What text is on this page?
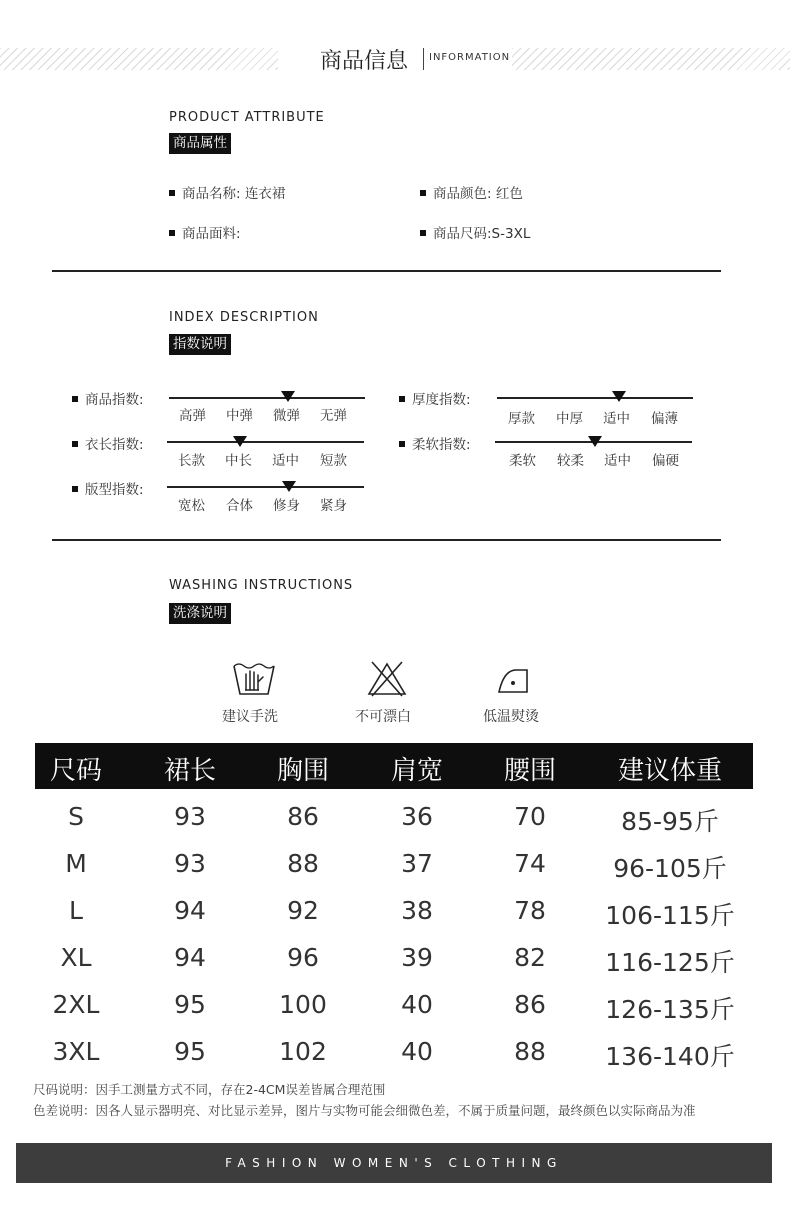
商品信息 INFORMATION
PRODUCT ATTRIBUTE
商品属性
商品名称: 连衣裙	商品颜色: 红色
商品面料:	商品尺码:S-3XL
INDEX DESCRIPTION
指数说明
商品指数:
高弹 中弹 微弹 无弹
厚度指数:
厚款 中厚 适中 偏薄
衣长指数:
长款 中长 适中 短款
柔软指数:
柔软 较柔 适中 偏硬
版型指数:
宽松 合体 修身 紧身
WASHING INSTRUCTIONS
洗涤说明
建议手洗	不可漂白	低温熨烫
尺码	裙长	胸围	肩宽	腰围	建议体重
S	93	86	36	70	85-95斤
M	93	88	37	74	96-105斤
L	94	92	38	78	106-115斤
XL	94	96	39	82	116-125斤
2XL	95	100	40	86	126-135斤
3XL	95	102	40	88	136-140斤
尺码说明：因手工测量方式不同，存在2-4CM误差皆属合理范围
色差说明：因各人显示器明亮、对比显示差异，图片与实物可能会细微色差，不属于质量问题，最终颜色以实际商品为准
FASHION WOMEN'S CLOTHING
